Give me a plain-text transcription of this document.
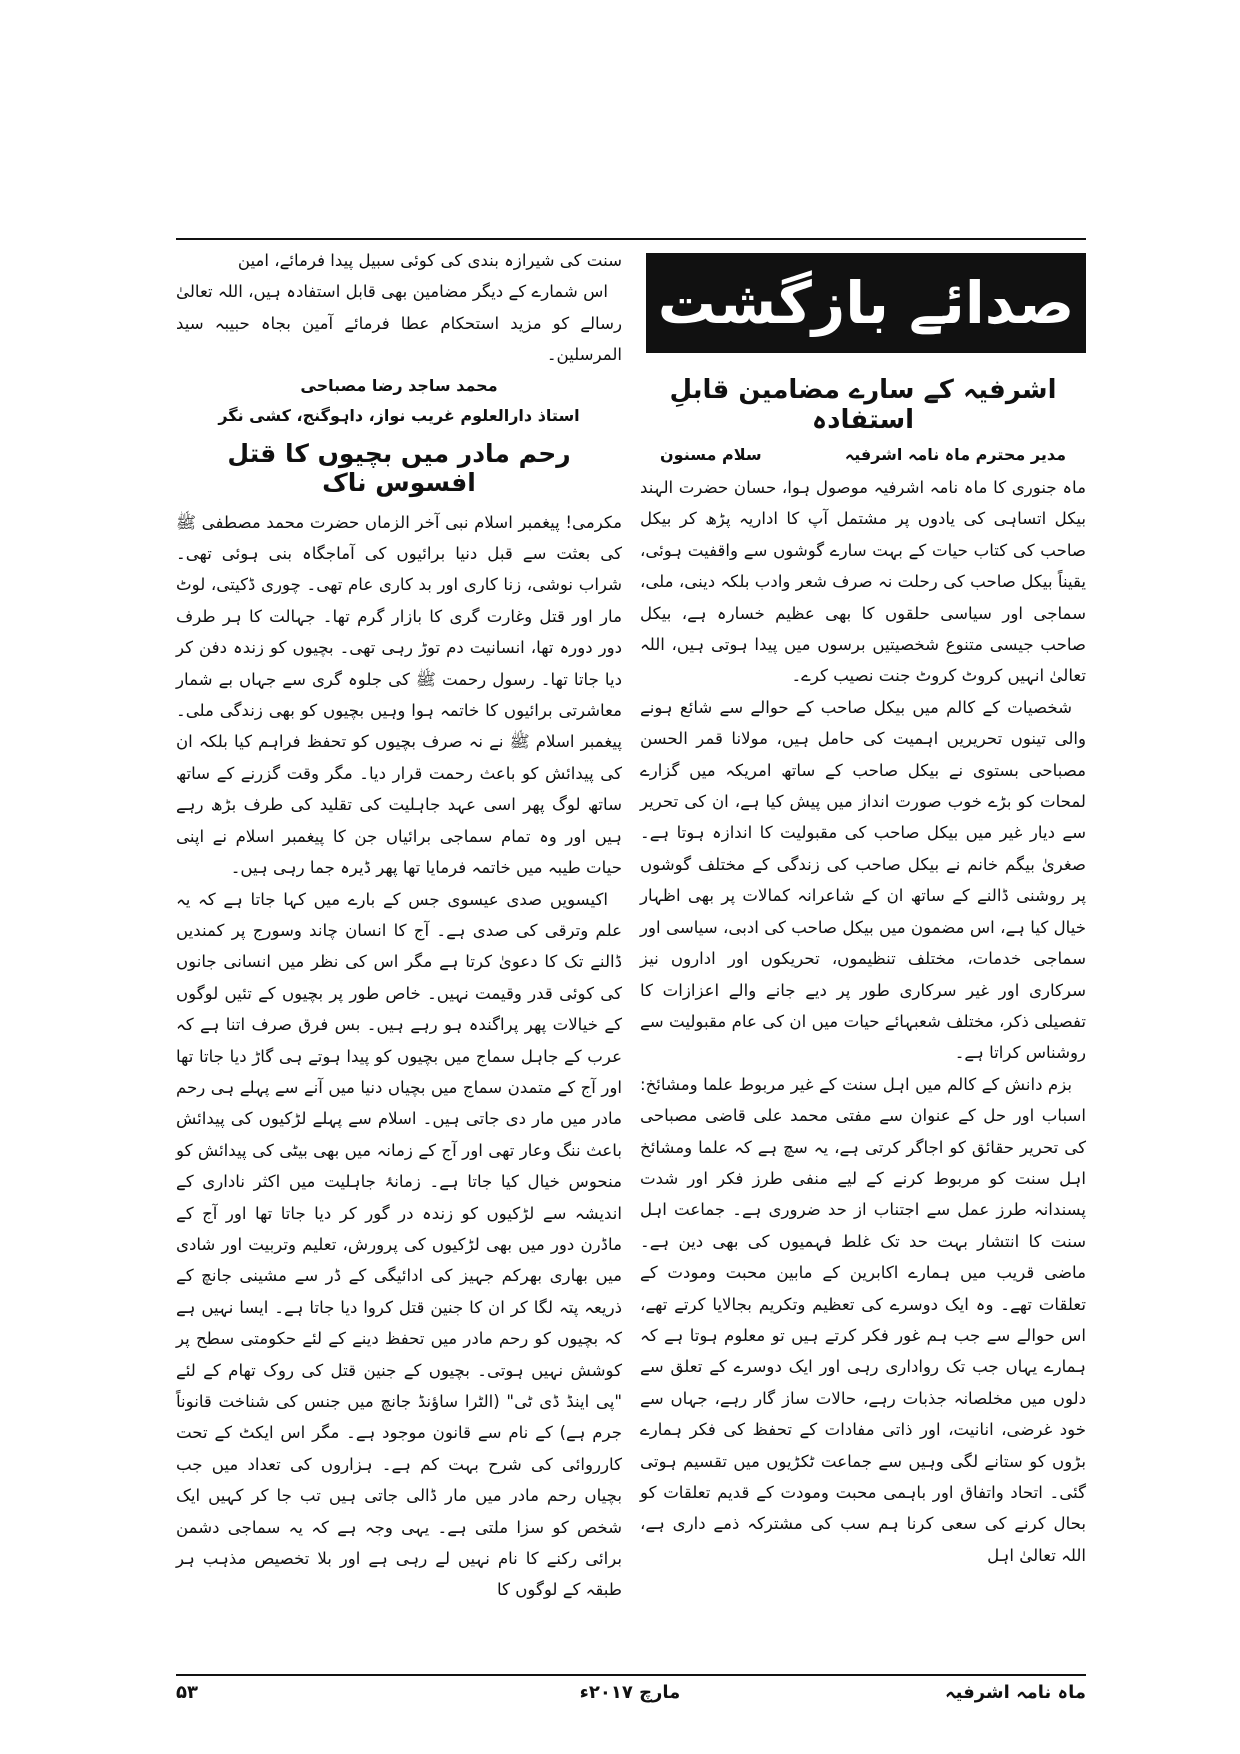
صدائے بازگشت
اشرفیہ کے سارے مضامین قابلِ استفادہ
مدیر محترم ماہ نامہ اشرفیہ
سلام مسنون

ماہ جنوری کا ماہ نامہ اشرفیہ موصول ہوا، حسان حضرت الہند بیکل اتساہی کی یادوں پر مشتمل آپ کا اداریہ پڑھ کر بیکل صاحب کی کتاب حیات کے بہت سارے گوشوں سے واقفیت ہوئی، یقیناً بیکل صاحب کی رحلت نہ صرف شعر وادب بلکہ دینی، ملی، سماجی اور سیاسی حلقوں کا بھی عظیم خسارہ ہے، بیکل صاحب جیسی متنوع شخصیتیں برسوں میں پیدا ہوتی ہیں، اللہ تعالیٰ انہیں کروٹ کروٹ جنت نصیب کرے۔

شخصیات کے کالم میں بیکل صاحب کے حوالے سے شائع ہونے والی تینوں تحریریں اہمیت کی حامل ہیں، مولانا قمر الحسن مصباحی بستوی نے بیکل صاحب کے ساتھ امریکہ میں گزارے لمحات کو بڑے خوب صورت انداز میں پیش کیا ہے، ان کی تحریر سے دیار غیر میں بیکل صاحب کی مقبولیت کا اندازہ ہوتا ہے۔ صغریٰ بیگم خانم نے بیکل صاحب کی زندگی کے مختلف گوشوں پر روشنی ڈالنے کے ساتھ ان کے شاعرانہ کمالات پر بھی اظہار خیال کیا ہے، اس مضمون میں بیکل صاحب کی ادبی، سیاسی اور سماجی خدمات، مختلف تنظیموں، تحریکوں اور اداروں نیز سرکاری اور غیر سرکاری طور پر دیے جانے والے اعزازات کا تفصیلی ذکر، مختلف شعبہائے حیات میں ان کی عام مقبولیت سے روشناس کراتا ہے۔

بزم دانش کے کالم میں اہل سنت کے غیر مربوط علما ومشائخ: اسباب اور حل کے عنوان سے مفتی محمد علی قاضی مصباحی کی تحریر حقائق کو اجاگر کرتی ہے، یہ سچ ہے کہ علما ومشائخ اہل سنت کو مربوط کرنے کے لیے منفی طرز فکر اور شدت پسندانہ طرز عمل سے اجتناب از حد ضروری ہے۔ جماعت اہل سنت کا انتشار بہت حد تک غلط فہمیوں کی بھی دین ہے۔ ماضی قریب میں ہمارے اکابرین کے مابین محبت ومودت کے تعلقات تھے۔ وہ ایک دوسرے کی تعظیم وتکریم بجالایا کرتے تھے، اس حوالے سے جب ہم غور فکر کرتے ہیں تو معلوم ہوتا ہے کہ ہمارے یہاں جب تک رواداری رہی اور ایک دوسرے کے تعلق سے دلوں میں مخلصانہ جذبات رہے، حالات ساز گار رہے، جہاں سے خود غرضی، انانیت، اور ذاتی مفادات کے تحفظ کی فکر ہمارے بڑوں کو ستانے لگی وہیں سے جماعت ٹکڑیوں میں تقسیم ہوتی گئی۔ اتحاد واتفاق اور باہمی محبت ومودت کے قدیم تعلقات کو بحال کرنے کی سعی کرنا ہم سب کی مشترکہ ذمے داری ہے، اللہ تعالیٰ اہل

سنت کی شیرازہ بندی کی کوئی سبیل پیدا فرمائے، امین

اس شمارے کے دیگر مضامین بھی قابل استفادہ ہیں، اللہ تعالیٰ رسالے کو مزید استحکام عطا فرمائے آمین بجاہ حبیبہ سید المرسلین۔

محمد ساجد رضا مصباحی

استاذ دارالعلوم غریب نواز، داہوگنج، کشی نگر

رحم مادر میں بچیوں کا قتل افسوس ناک

مکرمی! پیغمبر اسلام نبی آخر الزماں حضرت محمد مصطفی ﷺ کی بعثت سے قبل دنیا برائیوں کی آماجگاہ بنی ہوئی تھی۔ شراب نوشی، زنا کاری اور بد کاری عام تھی۔ چوری ڈکیتی، لوٹ مار اور قتل وغارت گری کا بازار گرم تھا۔ جہالت کا ہر طرف دور دورہ تھا، انسانیت دم توڑ رہی تھی۔ بچیوں کو زندہ دفن کر دیا جاتا تھا۔ رسول رحمت ﷺ کی جلوہ گری سے جہاں بے شمار معاشرتی برائیوں کا خاتمہ ہوا وہیں بچیوں کو بھی زندگی ملی۔ پیغمبر اسلام ﷺ نے نہ صرف بچیوں کو تحفظ فراہم کیا بلکہ ان کی پیدائش کو باعث رحمت قرار دیا۔ مگر وقت گزرنے کے ساتھ ساتھ لوگ پھر اسی عہد جاہلیت کی تقلید کی طرف بڑھ رہے ہیں اور وہ تمام سماجی برائیاں جن کا پیغمبر اسلام نے اپنی حیات طیبہ میں خاتمہ فرمایا تھا پھر ڈیرہ جما رہی ہیں۔

اکیسویں صدی عیسوی جس کے بارے میں کہا جاتا ہے کہ یہ علم وترقی کی صدی ہے۔ آج کا انسان چاند وسورج پر کمندیں ڈالنے تک کا دعویٰ کرتا ہے مگر اس کی نظر میں انسانی جانوں کی کوئی قدر وقیمت نہیں۔ خاص طور پر بچیوں کے تئیں لوگوں کے خیالات پھر پراگندہ ہو رہے ہیں۔ بس فرق صرف اتنا ہے کہ عرب کے جاہل سماج میں بچیوں کو پیدا ہوتے ہی گاڑ دیا جاتا تھا اور آج کے متمدن سماج میں بچیاں دنیا میں آنے سے پہلے ہی رحم مادر میں مار دی جاتی ہیں۔ اسلام سے پہلے لڑکیوں کی پیدائش باعث ننگ وعار تھی اور آج کے زمانہ میں بھی بیٹی کی پیدائش کو منحوس خیال کیا جاتا ہے۔ زمانۂ جاہلیت میں اکثر ناداری کے اندیشہ سے لڑکیوں کو زندہ در گور کر دیا جاتا تھا اور آج کے ماڈرن دور میں بھی لڑکیوں کی پرورش، تعلیم وتربیت اور شادی میں بھاری بھرکم جہیز کی ادائیگی کے ڈر سے مشینی جانچ کے ذریعہ پتہ لگا کر ان کا جنین قتل کروا دیا جاتا ہے۔ ایسا نہیں ہے کہ بچیوں کو رحم مادر میں تحفظ دینے کے لئے حکومتی سطح پر کوشش نہیں ہوتی۔ بچیوں کے جنین قتل کی روک تھام کے لئے "پی اینڈ ڈی ٹی" (الٹرا ساؤنڈ جانچ میں جنس کی شناخت قانوناً جرم ہے) کے نام سے قانون موجود ہے۔ مگر اس ایکٹ کے تحت کارروائی کی شرح بہت کم ہے۔ ہزاروں کی تعداد میں جب بچیاں رحم مادر میں مار ڈالی جاتی ہیں تب جا کر کہیں ایک شخص کو سزا ملتی ہے۔ یہی وجہ ہے کہ یہ سماجی دشمن برائی رکنے کا نام نہیں لے رہی ہے اور بلا تخصیص مذہب ہر طبقہ کے لوگوں کا

ماہ نامہ اشرفیہ
مارچ ۲۰۱۷ء
۵۳
